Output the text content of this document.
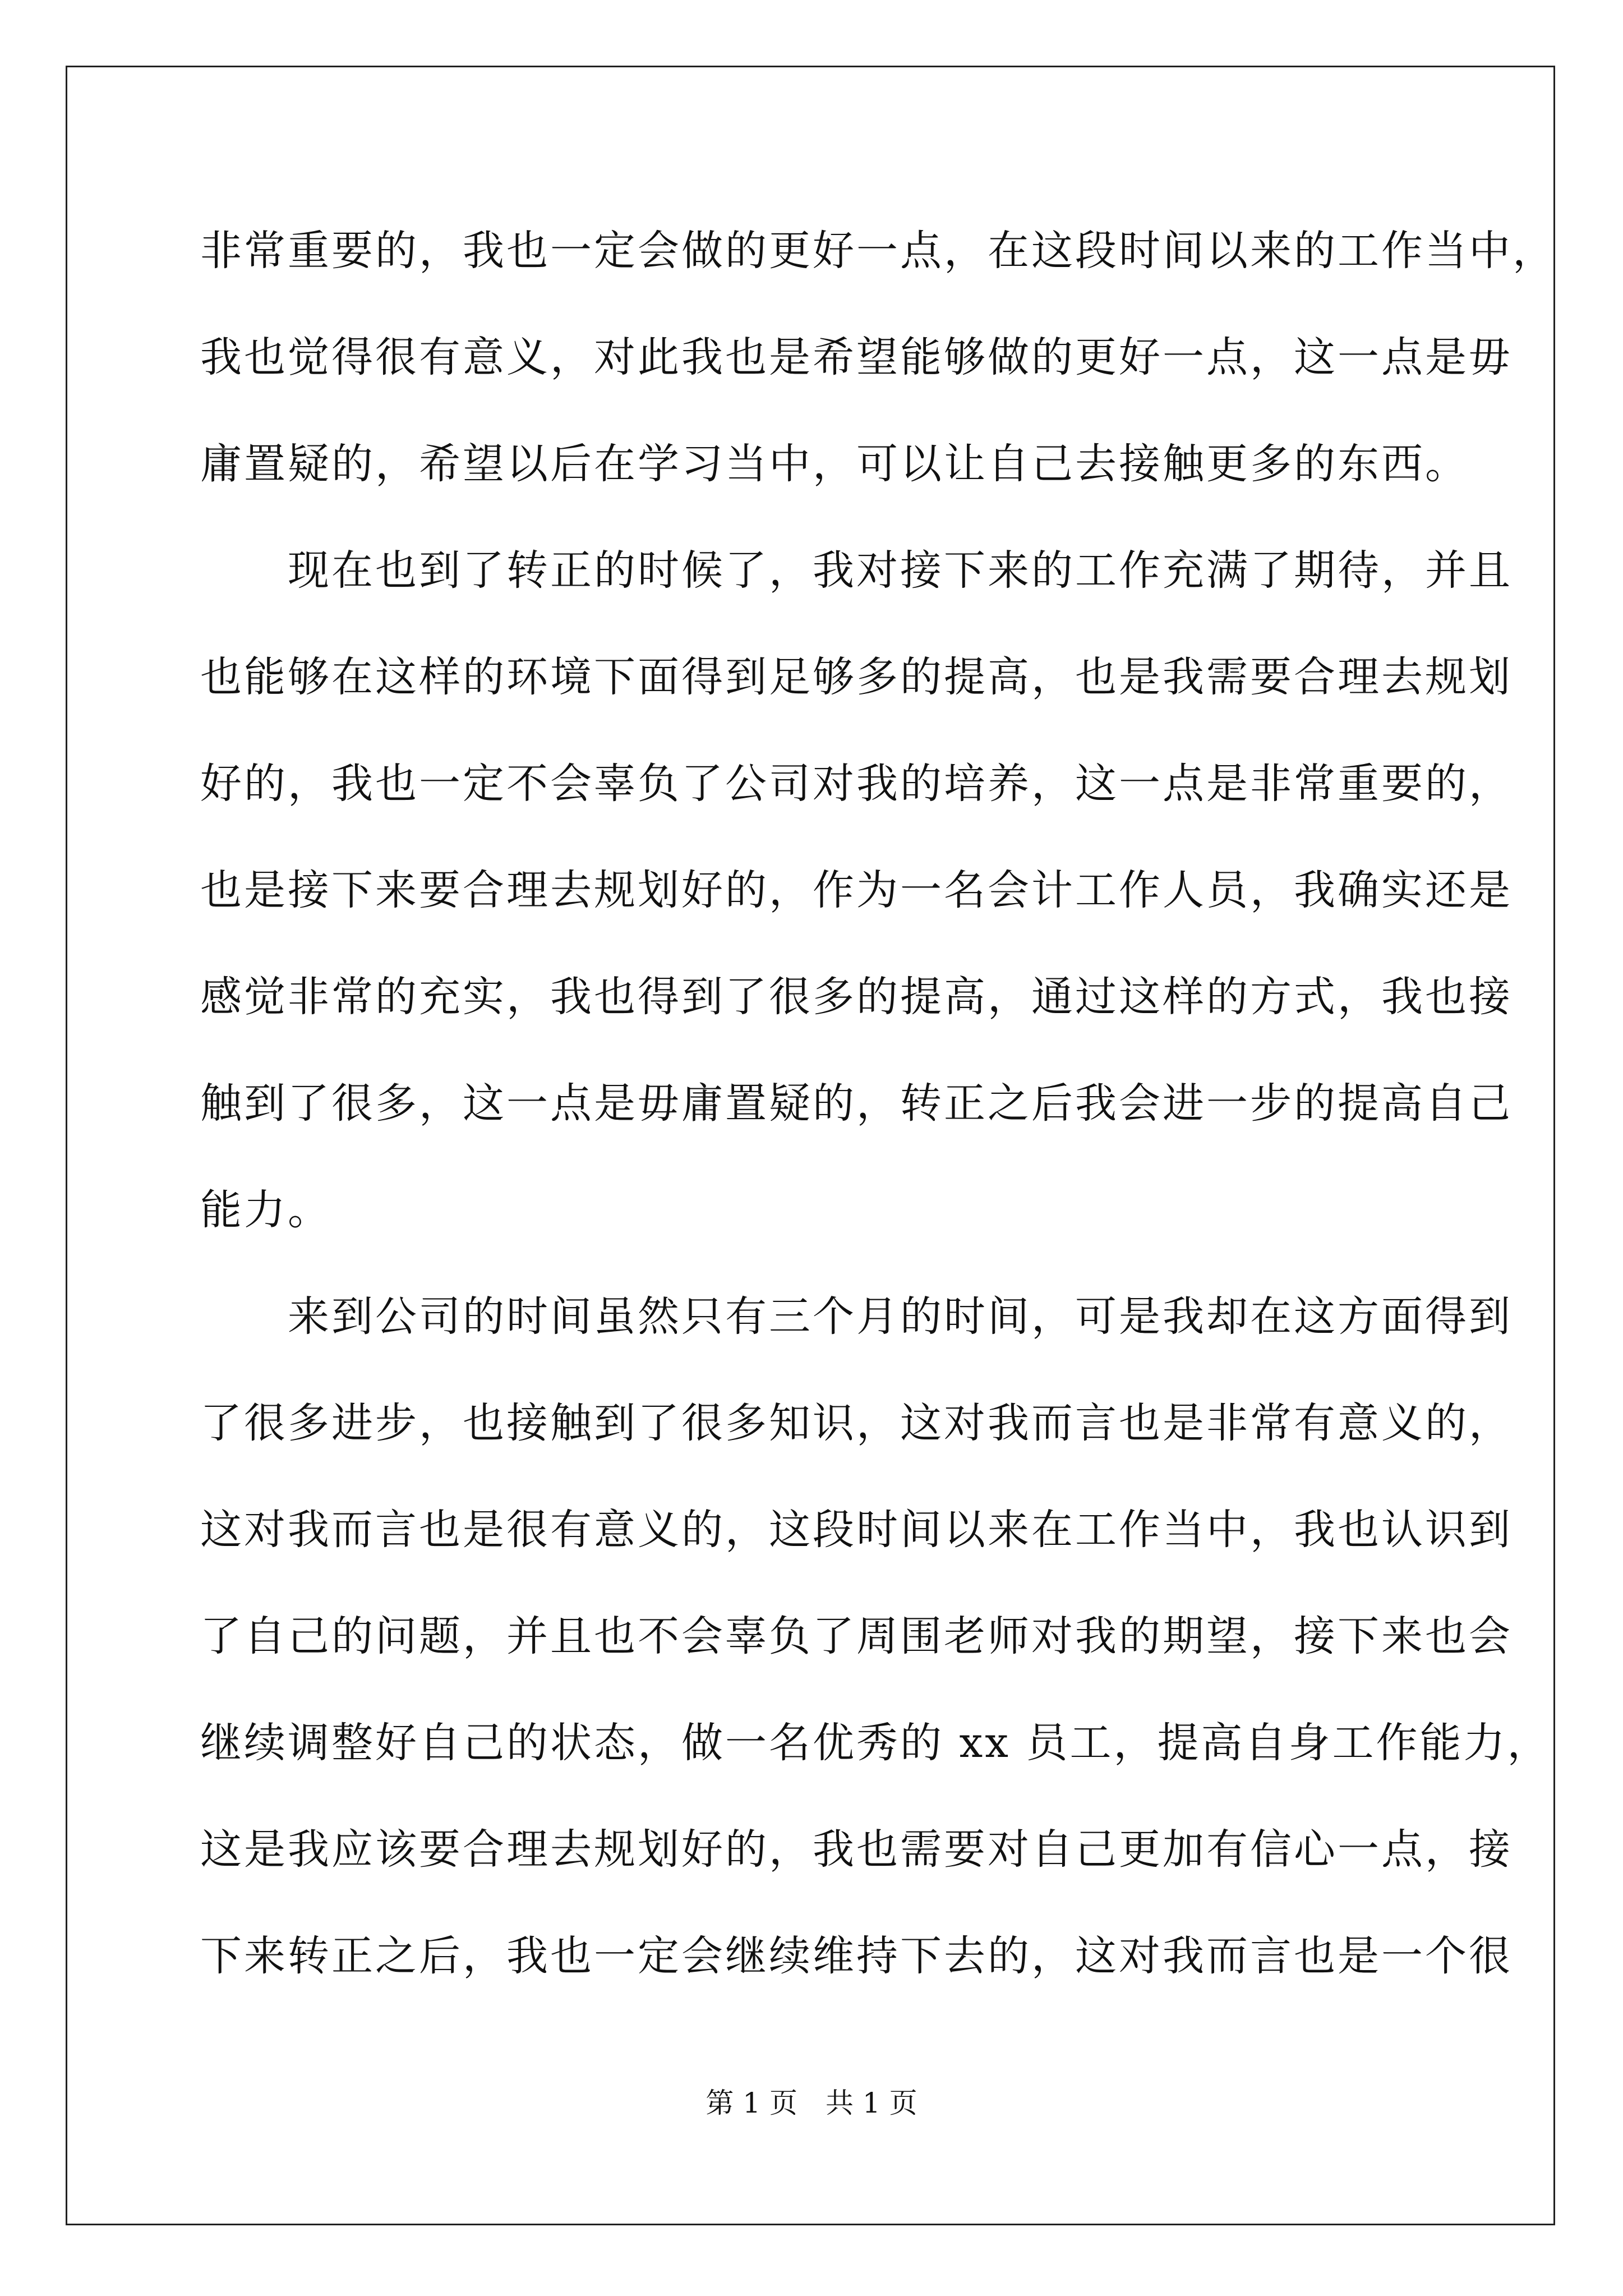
非常重要的，我也一定会做的更好一点，在这段时间以来的工作当中，
我也觉得很有意义，对此我也是希望能够做的更好一点，这一点是毋
庸置疑的，希望以后在学习当中，可以让自己去接触更多的东西。
　　现在也到了转正的时候了，我对接下来的工作充满了期待，并且
也能够在这样的环境下面得到足够多的提高，也是我需要合理去规划
好的，我也一定不会辜负了公司对我的培养，这一点是非常重要的，
也是接下来要合理去规划好的，作为一名会计工作人员，我确实还是
感觉非常的充实，我也得到了很多的提高，通过这样的方式，我也接
触到了很多，这一点是毋庸置疑的，转正之后我会进一步的提高自己
能力。
　　来到公司的时间虽然只有三个月的时间，可是我却在这方面得到
了很多进步，也接触到了很多知识，这对我而言也是非常有意义的，
这对我而言也是很有意义的，这段时间以来在工作当中，我也认识到
了自己的问题，并且也不会辜负了周围老师对我的期望，接下来也会
继续调整好自己的状态，做一名优秀的 xx 员工，提高自身工作能力，
这是我应该要合理去规划好的，我也需要对自己更加有信心一点，接
下来转正之后，我也一定会继续维持下去的，这对我而言也是一个很
第 1 页　共 1 页
